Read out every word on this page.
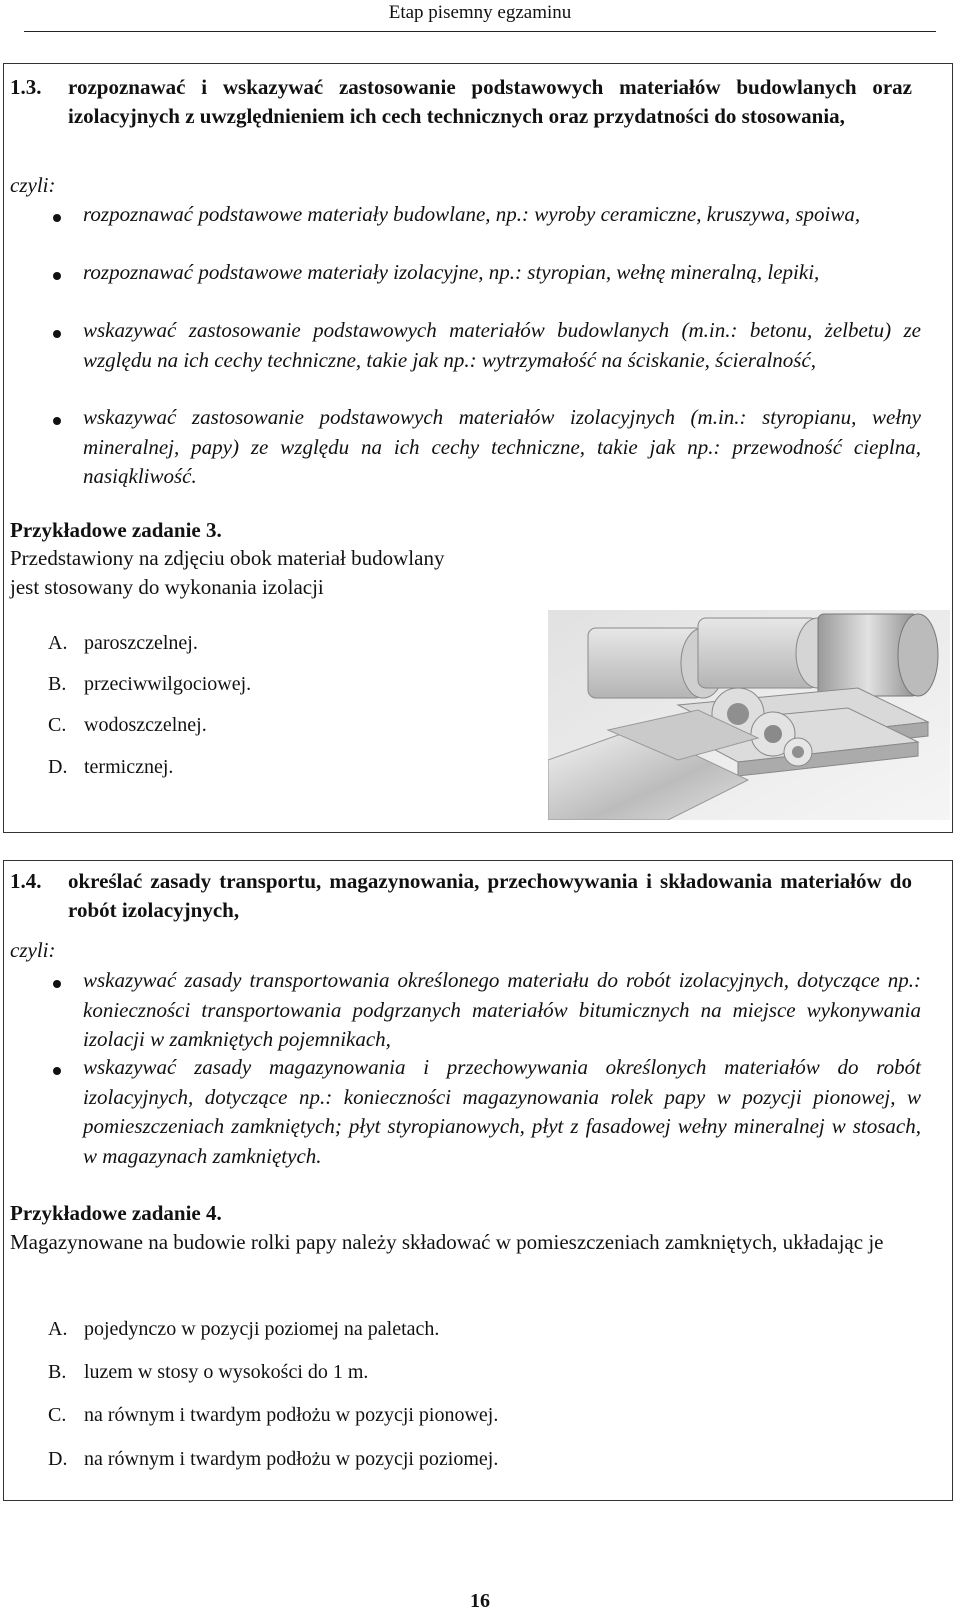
Etap pisemny egzaminu
1.3. rozpoznawać i wskazywać zastosowanie podstawowych materiałów budowlanych oraz izolacyjnych z uwzględnieniem ich cech technicznych oraz przydatności do stosowania,
czyli:
rozpoznawać podstawowe materiały budowlane, np.: wyroby ceramiczne, kruszywa, spoiwa,
rozpoznawać podstawowe materiały izolacyjne, np.: styropian, wełnę mineralną, lepiki,
wskazywać zastosowanie podstawowych materiałów budowlanych (m.in.: betonu, żelbetu) ze względu na ich cechy techniczne, takie jak np.: wytrzymałość na ściskanie, ścieralność,
wskazywać zastosowanie podstawowych materiałów izolacyjnych (m.in.: styropianu, wełny mineralnej, papy) ze względu na ich cechy techniczne, takie jak np.: przewodność cieplna, nasiąkliwość.
Przykładowe zadanie 3.
Przedstawiony na zdjęciu obok materiał budowlany
jest stosowany do wykonania izolacji
A. paroszczelnej.
B. przeciwwilgociowej.
C. wodoszczelnej.
D. termicznej.
1.4. określać zasady transportu, magazynowania, przechowywania i składowania materiałów do robót izolacyjnych,
czyli:
wskazywać zasady transportowania określonego materiału do robót izolacyjnych, dotyczące np.: konieczności transportowania podgrzanych materiałów bitumicznych na miejsce wykonywania izolacji w zamkniętych pojemnikach,
wskazywać zasady magazynowania i przechowywania określonych materiałów do robót izolacyjnych, dotyczące np.: konieczności magazynowania rolek papy w pozycji pionowej, w pomieszczeniach zamkniętych; płyt styropianowych, płyt z fasadowej wełny mineralnej w stosach, w magazynach zamkniętych.
Przykładowe zadanie 4.
Magazynowane na budowie rolki papy należy składować w pomieszczeniach zamkniętych, układając je
A. pojedynczo w pozycji poziomej na paletach.
B. luzem w stosy o wysokości do 1 m.
C. na równym i twardym podłożu w pozycji pionowej.
D. na równym i twardym podłożu w pozycji poziomej.
16
